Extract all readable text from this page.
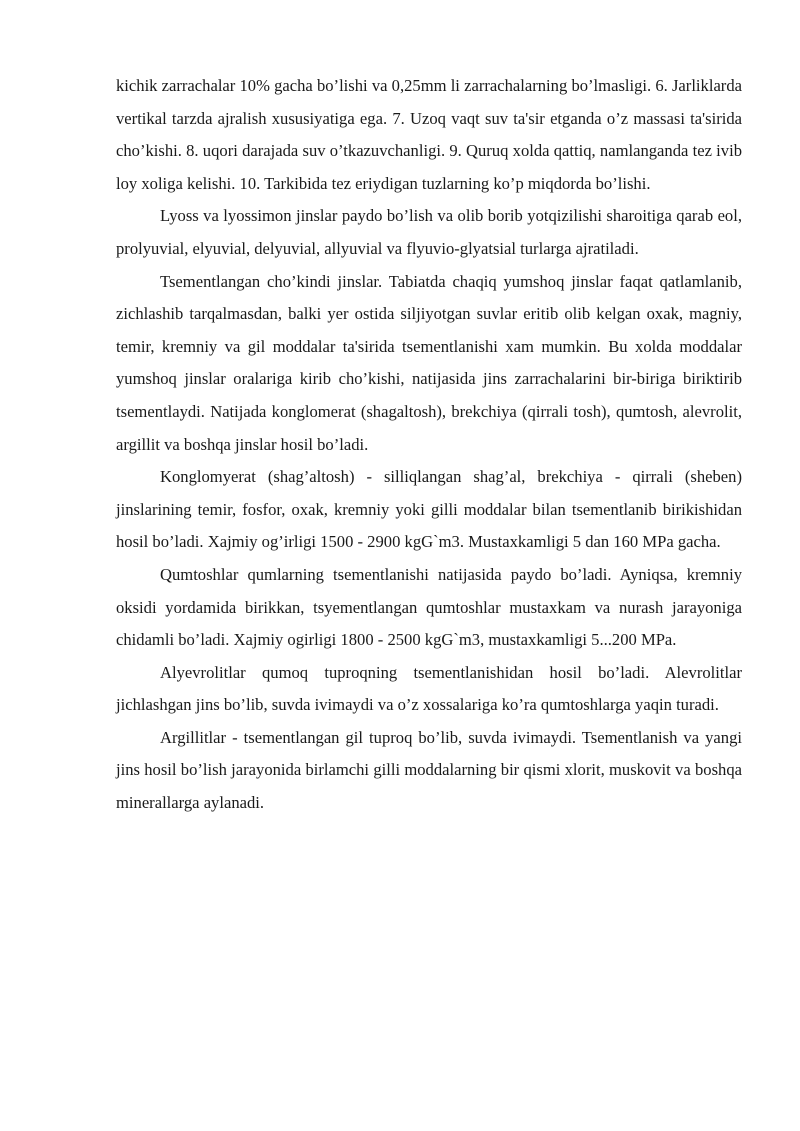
kichik zarrachalar 10% gacha bo’lishi va 0,25mm li zarrachalarning bo’lmasligi. 6. Jarliklarda vertikal tarzda ajralish xususiyatiga ega. 7. Uzoq vaqt suv ta'sir etganda o’z massasi ta'sirida cho’kishi. 8. uqori darajada suv o’tkazuvchanligi. 9. Quruq xolda qattiq, namlanganda tez ivib loy xoliga kelishi. 10. Tarkibida tez eriydigan tuzlarning ko’p miqdorda bo’lishi.

Lyoss va lyossimon jinslar paydo bo’lish va olib borib yotqizilishi sharoitiga qarab eol, prolyuvial, elyuvial, delyuvial, allyuvial va flyuvio-glyatsial turlarga ajratiladi.

Tsementlangan cho’kindi jinslar. Tabiatda chaqiq yumshoq jinslar faqat qatlamlanib, zichlashib tarqalmasdan, balki yer ostida siljiyotgan suvlar eritib olib kelgan oxak, magniy, temir, kremniy va gil moddalar ta'sirida tsementlanishi xam mumkin. Bu xolda moddalar yumshoq jinslar oralariga kirib cho’kishi, natijasida jins zarrachalarini bir-biriga biriktirib tsementlaydi. Natijada konglomerat (shagaltosh), brekchiya (qirrali tosh), qumtosh, alevrolit, argillit va boshqa jinslar hosil bo’ladi.

Konglomyerat (shag’altosh) - silliqlangan shag’al, brekchiya - qirrali (sheben) jinslarining temir, fosfor, oxak, kremniy yoki gilli moddalar bilan tsementlanib birikishidan hosil bo’ladi. Xajmiy og’irligi 1500 - 2900 kgG`m3. Mustaxkamligi 5 dan 160 MPa gacha.

Qumtoshlar qumlarning tsementlanishi natijasida paydo bo’ladi. Ayniqsa, kremniy oksidi yordamida birikkan, tsyementlangan qumtoshlar mustaxkam va nurash jarayoniga chidamli bo’ladi. Xajmiy ogirligi 1800 - 2500 kgG`m3, mustaxkamligi 5...200 MPa.

Alyevrolitlar qumoq tuproqning tsementlanishidan hosil bo’ladi. Alevrolitlar jichlashgan jins bo’lib, suvda ivimaydi va o’z xossalariga ko’ra qumtoshlarga yaqin turadi.

Argillitlar - tsementlangan gil tuproq bo’lib, suvda ivimaydi. Tsementlanish va yangi jins hosil bo’lish jarayonida birlamchi gilli moddalarning bir qismi xlorit, muskovit va boshqa minerallarga aylanadi.
